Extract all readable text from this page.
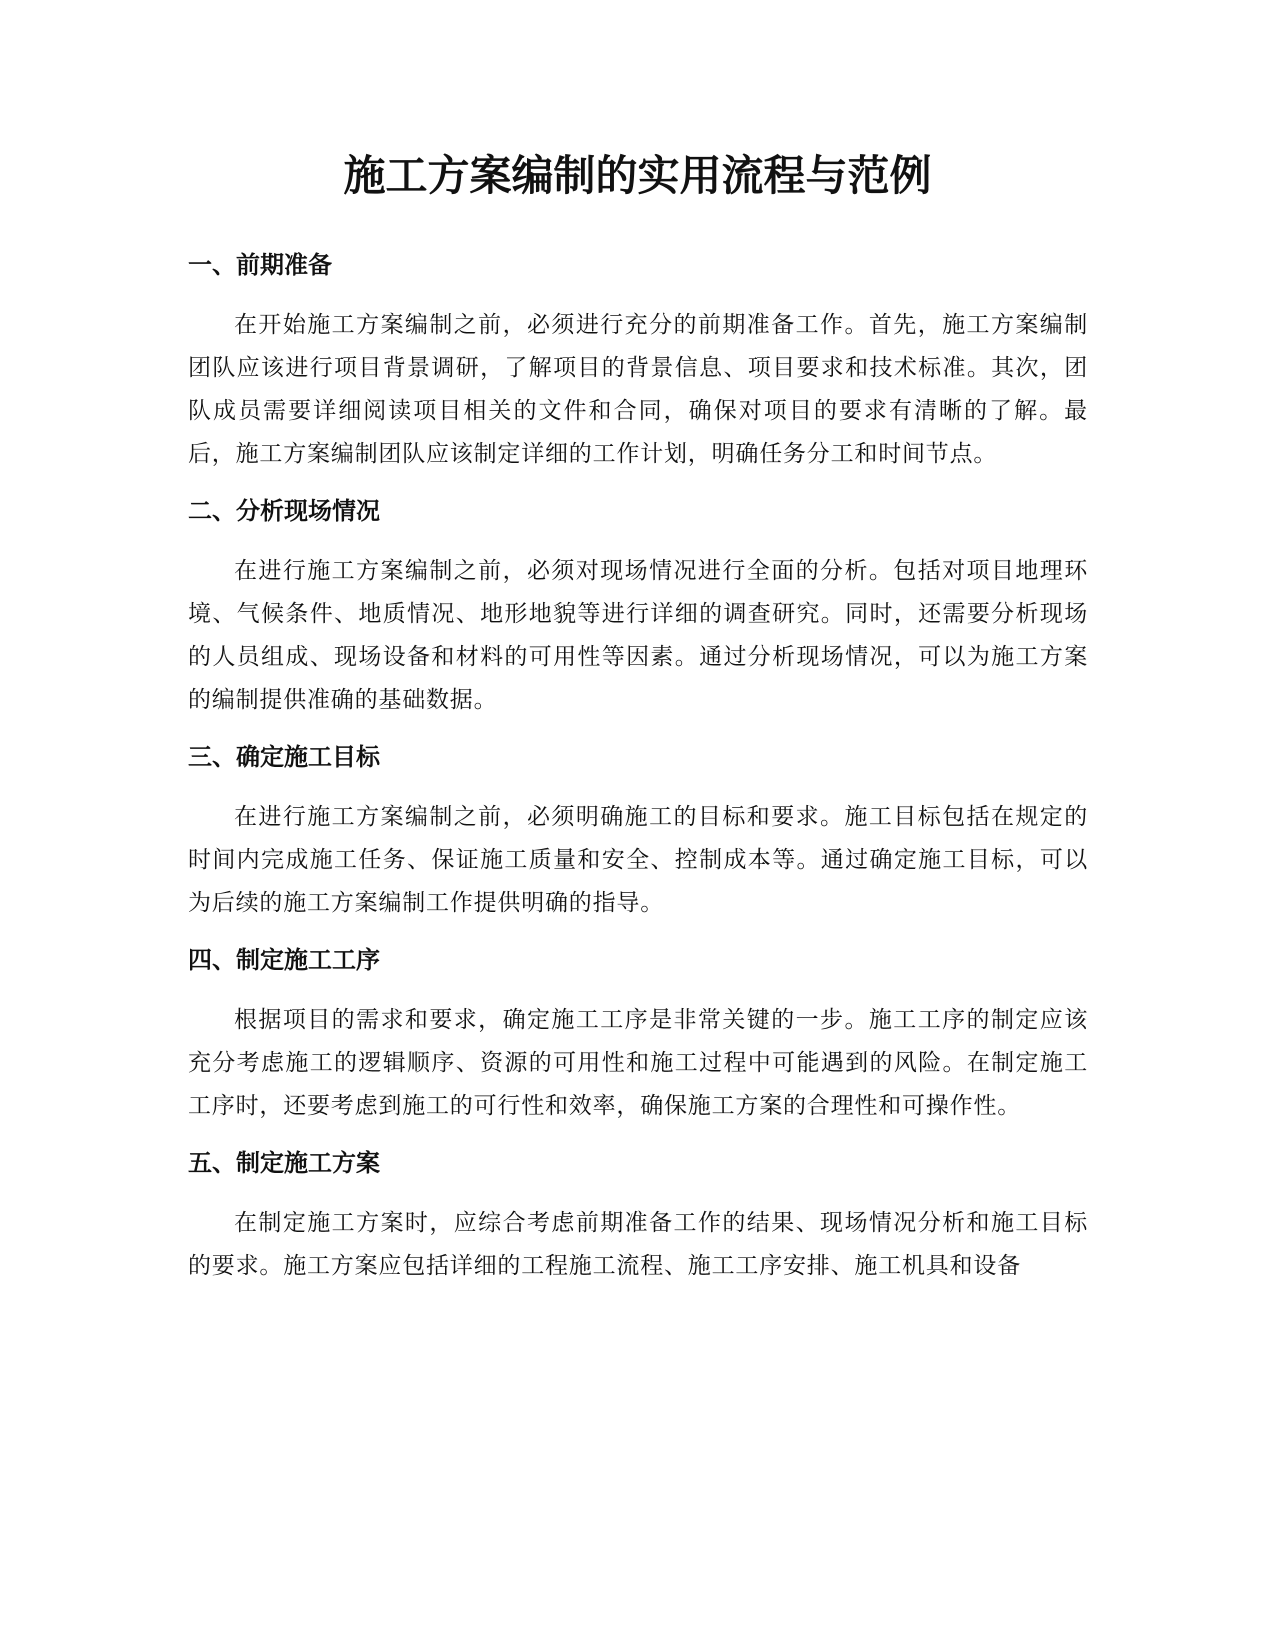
施工方案编制的实用流程与范例
一、前期准备

在开始施工方案编制之前，必须进行充分的前期准备工作。首先，施工方案编制团队应该进行项目背景调研，了解项目的背景信息、项目要求和技术标准。其次，团队成员需要详细阅读项目相关的文件和合同，确保对项目的要求有清晰的了解。最后，施工方案编制团队应该制定详细的工作计划，明确任务分工和时间节点。

二、分析现场情况

在进行施工方案编制之前，必须对现场情况进行全面的分析。包括对项目地理环境、气候条件、地质情况、地形地貌等进行详细的调查研究。同时，还需要分析现场的人员组成、现场设备和材料的可用性等因素。通过分析现场情况，可以为施工方案的编制提供准确的基础数据。

三、确定施工目标

在进行施工方案编制之前，必须明确施工的目标和要求。施工目标包括在规定的时间内完成施工任务、保证施工质量和安全、控制成本等。通过确定施工目标，可以为后续的施工方案编制工作提供明确的指导。

四、制定施工工序

根据项目的需求和要求，确定施工工序是非常关键的一步。施工工序的制定应该充分考虑施工的逻辑顺序、资源的可用性和施工过程中可能遇到的风险。在制定施工工序时，还要考虑到施工的可行性和效率，确保施工方案的合理性和可操作性。

五、制定施工方案

在制定施工方案时，应综合考虑前期准备工作的结果、现场情况分析和施工目标的要求。施工方案应包括详细的工程施工流程、施工工序安排、施工机具和设备
